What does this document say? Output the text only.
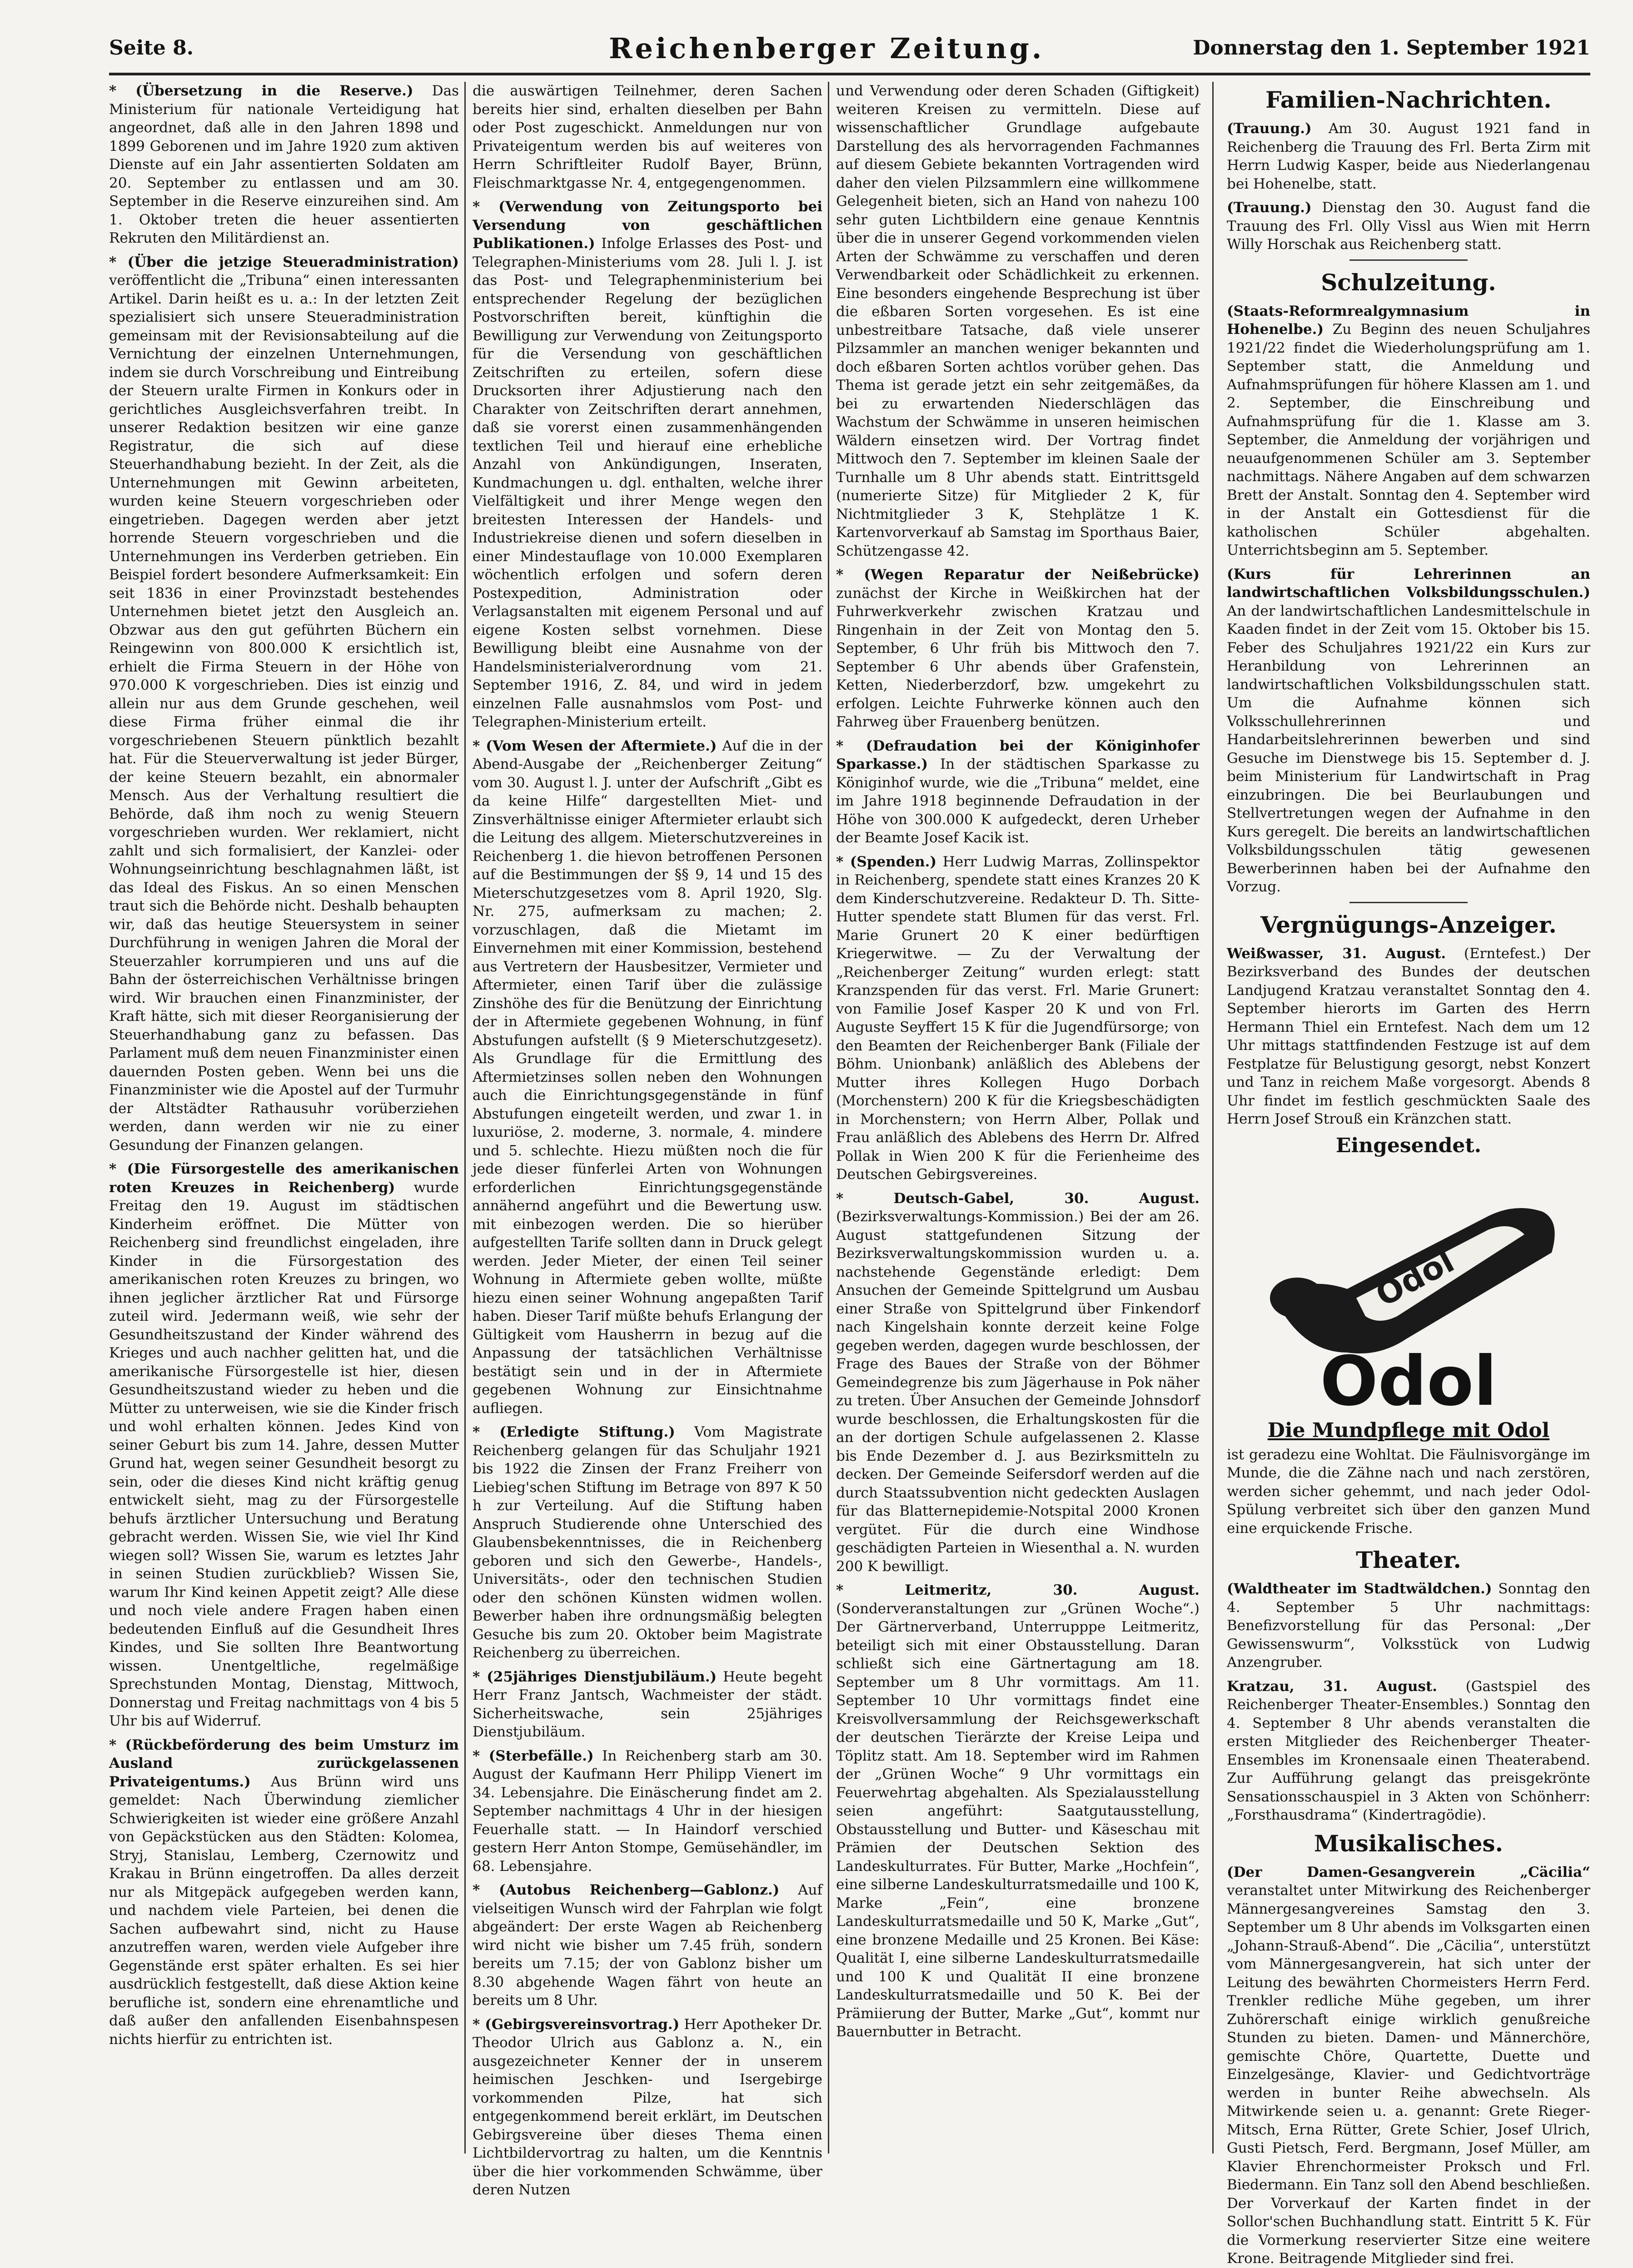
Seite 8.	Reichenberger Zeitung.	Donnerstag den 1. September 1921

* (Übersetzung in die Reserve.) Das Ministerium für nationale Verteidigung hat angeordnet, daß alle in den Jahren 1898 und 1899 Geborenen und im Jahre 1920 zum aktiven Dienste auf ein Jahr assentierten Soldaten am 20. September zu entlassen und am 30. September in die Reserve einzureihen sind. Am 1. Oktober treten die heuer assentierten Rekruten den Militärdienst an.

* (Über die jetzige Steueradministration) veröffentlicht die „Tribuna“ einen interessanten Artikel. Darin heißt es u. a.: In der letzten Zeit spezialisiert sich unsere Steueradministration gemeinsam mit der Revisionsabteilung auf die Vernichtung der einzelnen Unternehmungen, indem sie durch Vorschreibung und Eintreibung der Steuern uralte Firmen in Konkurs oder in gerichtliches Ausgleichsverfahren treibt. In unserer Redaktion besitzen wir eine ganze Registratur, die sich auf diese Steuerhandhabung bezieht. In der Zeit, als die Unternehmungen mit Gewinn arbeiteten, wurden keine Steuern vorgeschrieben oder eingetrieben. Dagegen werden aber jetzt horrende Steuern vorgeschrieben und die Unternehmungen ins Verderben getrieben. Ein Beispiel fordert besondere Aufmerksamkeit: Ein seit 1836 in einer Provinzstadt bestehendes Unternehmen bietet jetzt den Ausgleich an. Obzwar aus den gut geführten Büchern ein Reingewinn von 800.000 K ersichtlich ist, erhielt die Firma Steuern in der Höhe von 970.000 K vorgeschrieben. Dies ist einzig und allein nur aus dem Grunde geschehen, weil diese Firma früher einmal die ihr vorgeschriebenen Steuern pünktlich bezahlt hat. Für die Steuerverwaltung ist jeder Bürger, der keine Steuern bezahlt, ein abnormaler Mensch. Aus der Verhaltung resultiert die Behörde, daß ihm noch zu wenig Steuern vorgeschrieben wurden. Wer reklamiert, nicht zahlt und sich formalisiert, der Kanzlei- oder Wohnungseinrichtung beschlagnahmen läßt, ist das Ideal des Fiskus. An so einen Menschen traut sich die Behörde nicht. Deshalb behaupten wir, daß das heutige Steuersystem in seiner Durchführung in wenigen Jahren die Moral der Steuerzahler korrumpieren und uns auf die Bahn der österreichischen Verhältnisse bringen wird. Wir brauchen einen Finanzminister, der Kraft hätte, sich mit dieser Reorganisierung der Steuerhandhabung ganz zu befassen. Das Parlament muß dem neuen Finanzminister einen dauernden Posten geben. Wenn bei uns die Finanzminister wie die Apostel auf der Turmuhr der Altstädter Rathausuhr vorüberziehen werden, dann werden wir nie zu einer Gesundung der Finanzen gelangen.

* (Die Fürsorgestelle des amerikanischen roten Kreuzes in Reichenberg) wurde Freitag den 19. August im städtischen Kinderheim eröffnet. Die Mütter von Reichenberg sind freundlichst eingeladen, ihre Kinder in die Fürsorgestation des amerikanischen roten Kreuzes zu bringen, wo ihnen jeglicher ärztlicher Rat und Fürsorge zuteil wird. Jedermann weiß, wie sehr der Gesundheitszustand der Kinder während des Krieges und auch nachher gelitten hat, und die amerikanische Fürsorgestelle ist hier, diesen Gesundheitszustand wieder zu heben und die Mütter zu unterweisen, wie sie die Kinder frisch und wohl erhalten können. Jedes Kind von seiner Geburt bis zum 14. Jahre, dessen Mutter Grund hat, wegen seiner Gesundheit besorgt zu sein, oder die dieses Kind nicht kräftig genug entwickelt sieht, mag zu der Fürsorgestelle behufs ärztlicher Untersuchung und Beratung gebracht werden. Wissen Sie, wie viel Ihr Kind wiegen soll? Wissen Sie, warum es letztes Jahr in seinen Studien zurückblieb? Wissen Sie, warum Ihr Kind keinen Appetit zeigt? Alle diese und noch viele andere Fragen haben einen bedeutenden Einfluß auf die Gesundheit Ihres Kindes, und Sie sollten Ihre Beantwortung wissen. Unentgeltliche, regelmäßige Sprechstunden Montag, Dienstag, Mittwoch, Donnerstag und Freitag nachmittags von 4 bis 5 Uhr bis auf Widerruf.

* (Rückbeförderung des beim Umsturz im Ausland zurückgelassenen Privateigentums.) Aus Brünn wird uns gemeldet: Nach Überwindung ziemlicher Schwierigkeiten ist wieder eine größere Anzahl von Gepäckstücken aus den Städten: Kolomea, Stryj, Stanislau, Lemberg, Czernowitz und Krakau in Brünn eingetroffen. Da alles derzeit nur als Mitgepäck aufgegeben werden kann, und nachdem viele Parteien, bei denen die Sachen aufbewahrt sind, nicht zu Hause anzutreffen waren, werden viele Aufgeber ihre Gegenstände erst später erhalten. Es sei hier ausdrücklich festgestellt, daß diese Aktion keine berufliche ist, sondern eine ehrenamtliche und daß außer den anfallenden Eisenbahnspesen nichts hierfür zu entrichten ist.

die auswärtigen Teilnehmer, deren Sachen bereits hier sind, erhalten dieselben per Bahn oder Post zugeschickt. Anmeldungen nur von Privateigentum werden bis auf weiteres von Herrn Schriftleiter Rudolf Bayer, Brünn, Fleischmarktgasse Nr. 4, entgegengenommen.

* (Verwendung von Zeitungsporto bei Versendung von geschäftlichen Publikationen.) Infolge Erlasses des Post- und Telegraphen-Ministeriums vom 28. Juli l. J. ist das Post- und Telegraphenministerium bei entsprechender Regelung der bezüglichen Postvorschriften bereit, künftighin die Bewilligung zur Verwendung von Zeitungsporto für die Versendung von geschäftlichen Zeitschriften zu erteilen, sofern diese Drucksorten ihrer Adjustierung nach den Charakter von Zeitschriften derart annehmen, daß sie vorerst einen zusammenhängenden textlichen Teil und hierauf eine erhebliche Anzahl von Ankündigungen, Inseraten, Kundmachungen u. dgl. enthalten, welche ihrer Vielfältigkeit und ihrer Menge wegen den breitesten Interessen der Handels- und Industriekreise dienen und sofern dieselben in einer Mindestauflage von 10.000 Exemplaren wöchentlich erfolgen und sofern deren Postexpedition, Administration oder Verlagsanstalten mit eigenem Personal und auf eigene Kosten selbst vornehmen. Diese Bewilligung bleibt eine Ausnahme von der Handelsministerialverordnung vom 21. September 1916, Z. 84, und wird in jedem einzelnen Falle ausnahmslos vom Post- und Telegraphen-Ministerium erteilt.

* (Vom Wesen der Aftermiete.) Auf die in der Abend-Ausgabe der „Reichenberger Zeitung“ vom 30. August l. J. unter der Aufschrift „Gibt es da keine Hilfe“ dargestellten Miet- und Zinsverhältnisse einiger Aftermieter erlaubt sich die Leitung des allgem. Mieterschutzvereines in Reichenberg 1. die hievon betroffenen Personen auf die Bestimmungen der §§ 9, 14 und 15 des Mieterschutzgesetzes vom 8. April 1920, Slg. Nr. 275, aufmerksam zu machen; 2. vorzuschlagen, daß die Mietamt im Einvernehmen mit einer Kommission, bestehend aus Vertretern der Hausbesitzer, Vermieter und Aftermieter, einen Tarif über die zulässige Zinshöhe des für die Benützung der Einrichtung der in Aftermiete gegebenen Wohnung, in fünf Abstufungen aufstellt (§ 9 Mieterschutzgesetz). Als Grundlage für die Ermittlung des Aftermietzinses sollen neben den Wohnungen auch die Einrichtungsgegenstände in fünf Abstufungen eingeteilt werden, und zwar 1. in luxuriöse, 2. moderne, 3. normale, 4. mindere und 5. schlechte. Hiezu müßten noch die für jede dieser fünferlei Arten von Wohnungen erforderlichen Einrichtungsgegenstände annähernd angeführt und die Bewertung usw. mit einbezogen werden. Die so hierüber aufgestellten Tarife sollten dann in Druck gelegt werden. Jeder Mieter, der einen Teil seiner Wohnung in Aftermiete geben wollte, müßte hiezu einen seiner Wohnung angepaßten Tarif haben. Dieser Tarif müßte behufs Erlangung der Gültigkeit vom Hausherrn in bezug auf die Anpassung der tatsächlichen Verhältnisse bestätigt sein und in der in Aftermiete gegebenen Wohnung zur Einsichtnahme aufliegen.

* (Erledigte Stiftung.) Vom Magistrate Reichenberg gelangen für das Schuljahr 1921 bis 1922 die Zinsen der Franz Freiherr von Liebieg'schen Stiftung im Betrage von 897 K 50 h zur Verteilung. Auf die Stiftung haben Anspruch Studierende ohne Unterschied des Glaubensbekenntnisses, die in Reichenberg geboren und sich den Gewerbe-, Handels-, Universitäts-, oder den technischen Studien oder den schönen Künsten widmen wollen. Bewerber haben ihre ordnungsmäßig belegten Gesuche bis zum 20. Oktober beim Magistrate Reichenberg zu überreichen.

* (25jähriges Dienstjubiläum.) Heute begeht Herr Franz Jantsch, Wachmeister der städt. Sicherheitswache, sein 25jähriges Dienstjubiläum.

* (Sterbefälle.) In Reichenberg starb am 30. August der Kaufmann Herr Philipp Vienert im 34. Lebensjahre. Die Einäscherung findet am 2. September nachmittags 4 Uhr in der hiesigen Feuerhalle statt. — In Haindorf verschied gestern Herr Anton Stompe, Gemüsehändler, im 68. Lebensjahre.

* (Autobus Reichenberg—Gablonz.) Auf vielseitigen Wunsch wird der Fahrplan wie folgt abgeändert: Der erste Wagen ab Reichenberg wird nicht wie bisher um 7.45 früh, sondern bereits um 7.15; der von Gablonz bisher um 8.30 abgehende Wagen fährt von heute an bereits um 8 Uhr.

* (Gebirgsvereinsvortrag.) Herr Apotheker Dr. Theodor Ulrich aus Gablonz a. N., ein ausgezeichneter Kenner der in unserem heimischen Jeschken- und Isergebirge vorkommenden Pilze, hat sich entgegenkommend bereit erklärt, im Deutschen Gebirgsvereine über dieses Thema einen Lichtbildervortrag zu halten, um die Kenntnis über die hier vorkommenden Schwämme, über deren Nutzen

und Verwendung oder deren Schaden (Giftigkeit) weiteren Kreisen zu vermitteln. Diese auf wissenschaftlicher Grundlage aufgebaute Darstellung des als hervorragenden Fachmannes auf diesem Gebiete bekannten Vortragenden wird daher den vielen Pilzsammlern eine willkommene Gelegenheit bieten, sich an Hand von nahezu 100 sehr guten Lichtbildern eine genaue Kenntnis über die in unserer Gegend vorkommenden vielen Arten der Schwämme zu verschaffen und deren Verwendbarkeit oder Schädlichkeit zu erkennen. Eine besonders eingehende Besprechung ist über die eßbaren Sorten vorgesehen. Es ist eine unbestreitbare Tatsache, daß viele unserer Pilzsammler an manchen weniger bekannten und doch eßbaren Sorten achtlos vorüber gehen. Das Thema ist gerade jetzt ein sehr zeitgemäßes, da bei zu erwartenden Niederschlägen das Wachstum der Schwämme in unseren heimischen Wäldern einsetzen wird. Der Vortrag findet Mittwoch den 7. September im kleinen Saale der Turnhalle um 8 Uhr abends statt. Eintrittsgeld (numerierte Sitze) für Mitglieder 2 K, für Nichtmitglieder 3 K, Stehplätze 1 K. Kartenvorverkauf ab Samstag im Sporthaus Baier, Schützengasse 42.

* (Wegen Reparatur der Neißebrücke) zunächst der Kirche in Weißkirchen hat der Fuhrwerkverkehr zwischen Kratzau und Ringenhain in der Zeit von Montag den 5. September, 6 Uhr früh bis Mittwoch den 7. September 6 Uhr abends über Grafenstein, Ketten, Niederberzdorf, bzw. umgekehrt zu erfolgen. Leichte Fuhrwerke können auch den Fahrweg über Frauenberg benützen.

* (Defraudation bei der Königinhofer Sparkasse.) In der städtischen Sparkasse zu Königinhof wurde, wie die „Tribuna“ meldet, eine im Jahre 1918 beginnende Defraudation in der Höhe von 300.000 K aufgedeckt, deren Urheber der Beamte Josef Kacik ist.

* (Spenden.) Herr Ludwig Marras, Zollinspektor in Reichenberg, spendete statt eines Kranzes 20 K dem Kinderschutzvereine. Redakteur D. Th. Sitte-Hutter spendete statt Blumen für das verst. Frl. Marie Grunert 20 K einer bedürftigen Kriegerwitwe. — Zu der Verwaltung der „Reichenberger Zeitung“ wurden erlegt: statt Kranzspenden für das verst. Frl. Marie Grunert: von Familie Josef Kasper 20 K und von Frl. Auguste Seyffert 15 K für die Jugendfürsorge; von den Beamten der Reichenberger Bank (Filiale der Böhm. Unionbank) anläßlich des Ablebens der Mutter ihres Kollegen Hugo Dorbach (Morchenstern) 200 K für die Kriegsbeschädigten in Morchenstern; von Herrn Alber, Pollak und Frau anläßlich des Ablebens des Herrn Dr. Alfred Pollak in Wien 200 K für die Ferienheime des Deutschen Gebirgsvereines.

* Deutsch-Gabel, 30. August. (Bezirksverwaltungs-Kommission.) Bei der am 26. August stattgefundenen Sitzung der Bezirksverwaltungskommission wurden u. a. nachstehende Gegenstände erledigt: Dem Ansuchen der Gemeinde Spittelgrund um Ausbau einer Straße von Spittelgrund über Finkendorf nach Kingelshain konnte derzeit keine Folge gegeben werden, dagegen wurde beschlossen, der Frage des Baues der Straße von der Böhmer Gemeindegrenze bis zum Jägerhause in Pok näher zu treten. Über Ansuchen der Gemeinde Johnsdorf wurde beschlossen, die Erhaltungskosten für die an der dortigen Schule aufgelassenen 2. Klasse bis Ende Dezember d. J. aus Bezirksmitteln zu decken. Der Gemeinde Seifersdorf werden auf die durch Staatssubvention nicht gedeckten Auslagen für das Blatternepidemie-Notspital 2000 Kronen vergütet. Für die durch eine Windhose geschädigten Parteien in Wiesenthal a. N. wurden 200 K bewilligt.

* Leitmeritz, 30. August. (Sonderveranstaltungen zur „Grünen Woche“.) Der Gärtnerverband, Unterrupppe Leitmeritz, beteiligt sich mit einer Obstausstellung. Daran schließt sich eine Gärtnertagung am 18. September um 8 Uhr vormittags. Am 11. September 10 Uhr vormittags findet eine Kreisvollversammlung der Reichsgewerkschaft der deutschen Tierärzte der Kreise Leipa und Töplitz statt. Am 18. September wird im Rahmen der „Grünen Woche“ 9 Uhr vormittags ein Feuerwehrtag abgehalten. Als Spezialausstellung seien angeführt: Saatgutausstellung, Obstausstellung und Butter- und Käseschau mit Prämien der Deutschen Sektion des Landeskulturrates. Für Butter, Marke „Hochfein“, eine silberne Landeskulturratsmedaille und 100 K, Marke „Fein“, eine bronzene Landeskulturratsmedaille und 50 K, Marke „Gut“, eine bronzene Medaille und 25 Kronen. Bei Käse: Qualität I, eine silberne Landeskulturratsmedaille und 100 K und Qualität II eine bronzene Landeskulturratsmedaille und 50 K. Bei der Prämiierung der Butter, Marke „Gut“, kommt nur Bauernbutter in Betracht.

Familien-Nachrichten.

(Trauung.) Am 30. August 1921 fand in Reichenberg die Trauung des Frl. Berta Zirm mit Herrn Ludwig Kasper, beide aus Niederlangenau bei Hohenelbe, statt.

(Trauung.) Dienstag den 30. August fand die Trauung des Frl. Olly Vissl aus Wien mit Herrn Willy Horschak aus Reichenberg statt.

Schulzeitung.

(Staats-Reformrealgymnasium in Hohenelbe.) Zu Beginn des neuen Schuljahres 1921/22 findet die Wiederholungsprüfung am 1. September statt, die Anmeldung und Aufnahmsprüfungen für höhere Klassen am 1. und 2. September, die Einschreibung und Aufnahmsprüfung für die 1. Klasse am 3. September, die Anmeldung der vorjährigen und neuaufgenommenen Schüler am 3. September nachmittags. Nähere Angaben auf dem schwarzen Brett der Anstalt. Sonntag den 4. September wird in der Anstalt ein Gottesdienst für die katholischen Schüler abgehalten. Unterrichtsbeginn am 5. September.

(Kurs für Lehrerinnen an landwirtschaftlichen Volksbildungsschulen.) An der landwirtschaftlichen Landesmittelschule in Kaaden findet in der Zeit vom 15. Oktober bis 15. Feber des Schuljahres 1921/22 ein Kurs zur Heranbildung von Lehrerinnen an landwirtschaftlichen Volksbildungsschulen statt. Um die Aufnahme können sich Volksschullehrerinnen und Handarbeitslehrerinnen bewerben und sind Gesuche im Dienstwege bis 15. September d. J. beim Ministerium für Landwirtschaft in Prag einzubringen. Die bei Beurlaubungen und Stellvertretungen wegen der Aufnahme in den Kurs geregelt. Die bereits an landwirtschaftlichen Volksbildungsschulen tätig gewesenen Bewerberinnen haben bei der Aufnahme den Vorzug.

Vergnügungs-Anzeiger.

Weißwasser, 31. August. (Erntefest.) Der Bezirksverband des Bundes der deutschen Landjugend Kratzau veranstaltet Sonntag den 4. September hierorts im Garten des Herrn Hermann Thiel ein Erntefest. Nach dem um 12 Uhr mittags stattfindenden Festzuge ist auf dem Festplatze für Belustigung gesorgt, nebst Konzert und Tanz in reichem Maße vorgesorgt. Abends 8 Uhr findet im festlich geschmückten Saale des Herrn Josef Strouß ein Kränzchen statt.

Eingesendet.
Odol
Odol
Die Mundpflege mit Odol

ist geradezu eine Wohltat. Die Fäulnisvorgänge im Munde, die die Zähne nach und nach zerstören, werden sicher gehemmt, und nach jeder Odol-Spülung verbreitet sich über den ganzen Mund eine erquickende Frische.

Theater.

(Waldtheater im Stadtwäldchen.) Sonntag den 4. September 5 Uhr nachmittags: Benefizvorstellung für das Personal: „Der Gewissenswurm“, Volksstück von Ludwig Anzengruber.

Kratzau, 31. August. (Gastspiel des Reichenberger Theater-Ensembles.) Sonntag den 4. September 8 Uhr abends veranstalten die ersten Mitglieder des Reichenberger Theater-Ensembles im Kronensaale einen Theaterabend. Zur Aufführung gelangt das preisgekrönte Sensationsschauspiel in 3 Akten von Schönherr: „Forsthausdrama“ (Kindertragödie).

Musikalisches.

(Der Damen-Gesangverein „Cäcilia“ veranstaltet unter Mitwirkung des Reichenberger Männergesangvereines Samstag den 3. September um 8 Uhr abends im Volksgarten einen „Johann-Strauß-Abend“. Die „Cäcilia“, unterstützt vom Männergesangverein, hat sich unter der Leitung des bewährten Chormeisters Herrn Ferd. Trenkler redliche Mühe gegeben, um ihrer Zuhörerschaft einige wirklich genußreiche Stunden zu bieten. Damen- und Männerchöre, gemischte Chöre, Quartette, Duette und Einzelgesänge, Klavier- und Gedichtvorträge werden in bunter Reihe abwechseln. Als Mitwirkende seien u. a. genannt: Grete Rieger-Mitsch, Erna Rütter, Grete Schier, Josef Ulrich, Gusti Pietsch, Ferd. Bergmann, Josef Müller, am Klavier Ehrenchormeister Proksch und Frl. Biedermann. Ein Tanz soll den Abend beschließen. Der Vorverkauf der Karten findet in der Sollor'schen Buchhandlung statt. Eintritt 5 K. Für die Vormerkung reservierter Sitze eine weitere Krone. Beitragende Mitglieder sind frei.
